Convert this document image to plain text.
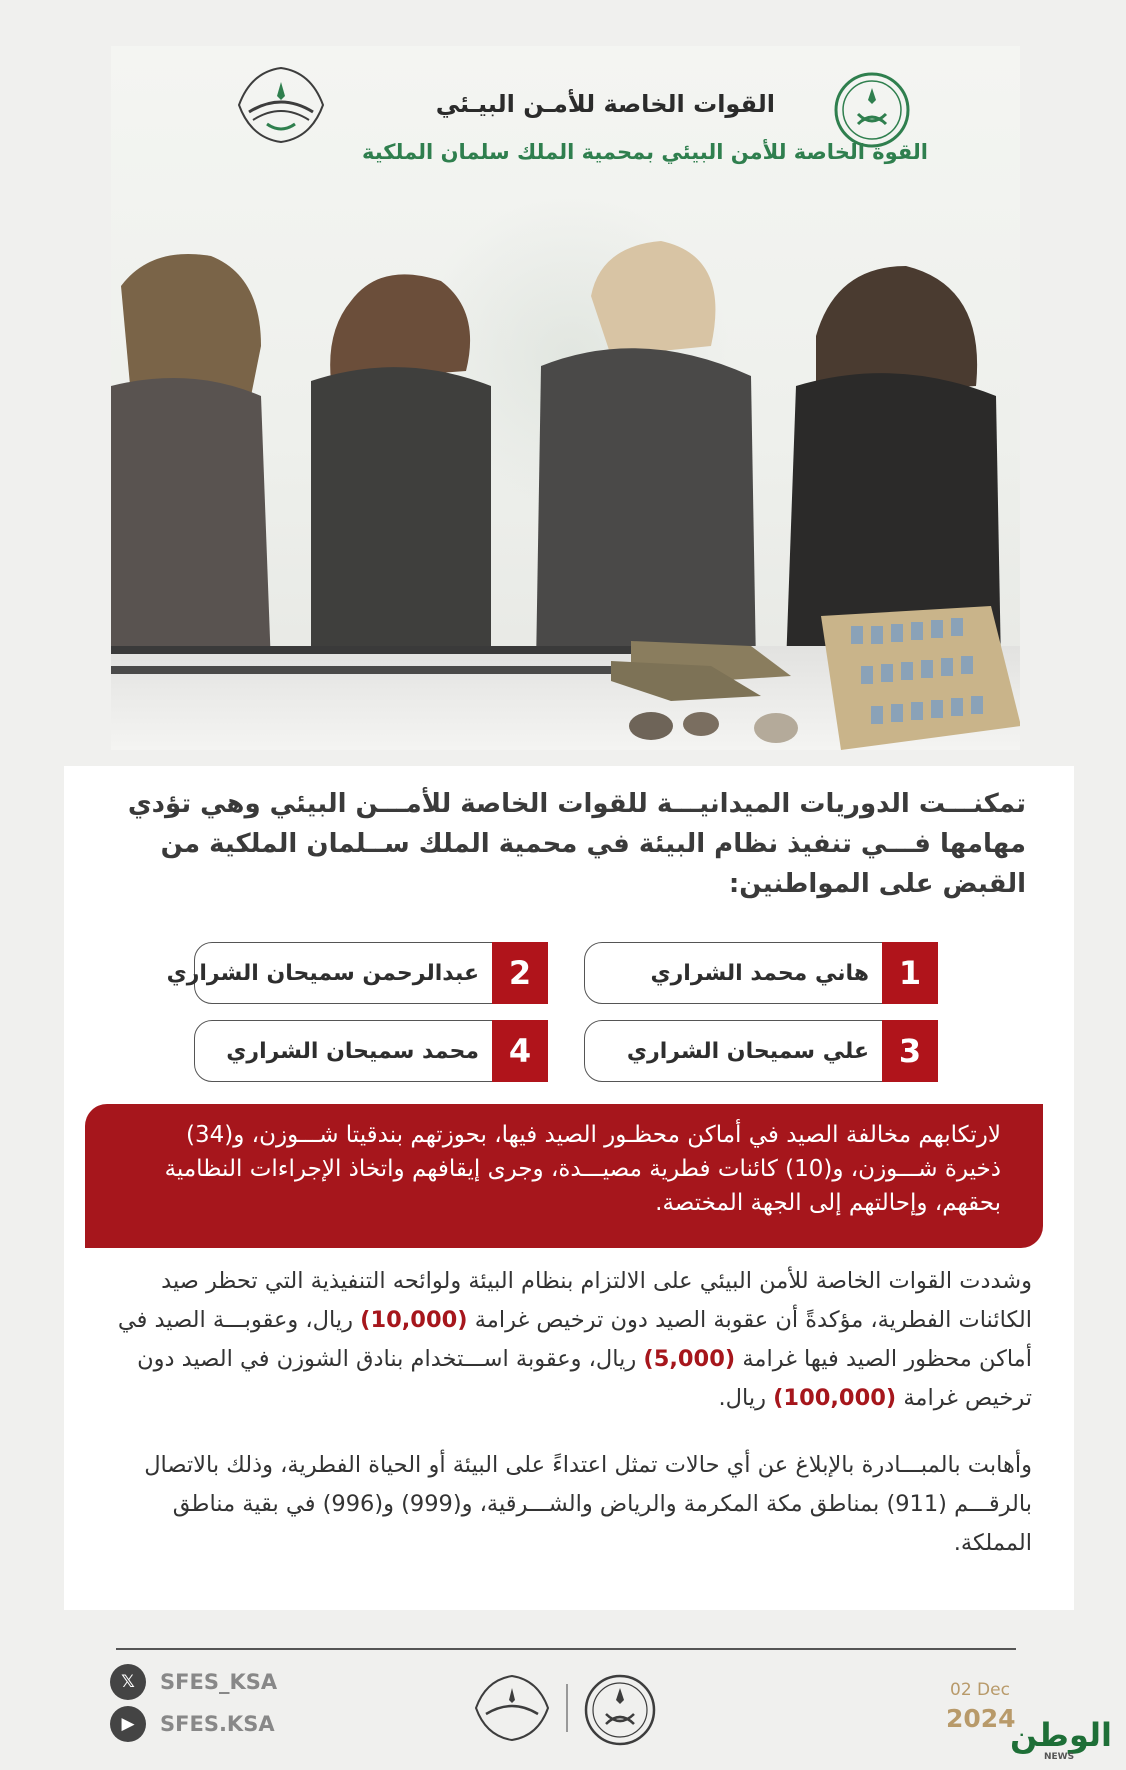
القوات الخاصة للأمـن البيـئي
القوة الخاصة للأمن البيئي بمحمية الملك سلمان الملكية
تمكنـــت الدوريات الميدانيـــة للقوات الخاصة للأمـــن البيئي وهي تؤدي مهامها فـــي تنفيذ نظام البيئة في محمية الملك ســلمان الملكية من القبض على المواطنين:
1
هاني محمد الشراري
2
عبدالرحمن سميحان الشراري
3
علي سميحان الشراري
4
محمد سميحان الشراري
لارتكابهم مخالفة الصيد في أماكن محظـور الصيد فيها، بحوزتهم بندقيتا شـــوزن، و(34) ذخيرة شـــوزن، و(10) كائنات فطرية مصيـــدة، وجرى إيقافهم واتخاذ الإجراءات النظامية بحقهم، وإحالتهم إلى الجهة المختصة.
وشددت القوات الخاصة للأمن البيئي على الالتزام بنظام البيئة ولوائحه التنفيذية التي تحظر صيد الكائنات الفطرية، مؤكدةً أن عقوبة الصيد دون ترخيص غرامة (10,000) ريال، وعقوبـــة الصيد في أماكن محظور الصيد فيها غرامة (5,000) ريال، وعقوبة اســـتخدام بنادق الشوزن في الصيد دون ترخيص غرامة (100,000) ريال.
وأهابت بالمبـــادرة بالإبلاغ عن أي حالات تمثل اعتداءً على البيئة أو الحياة الفطرية، وذلك بالاتصال بالرقـــم (911) بمناطق مكة المكرمة والرياض والشـــرقية، و(999) و(996) في بقية مناطق المملكة.
𝕏	SFES_KSA
▶	SFES.KSA
02 Dec
2024
الوطن
NEWS
